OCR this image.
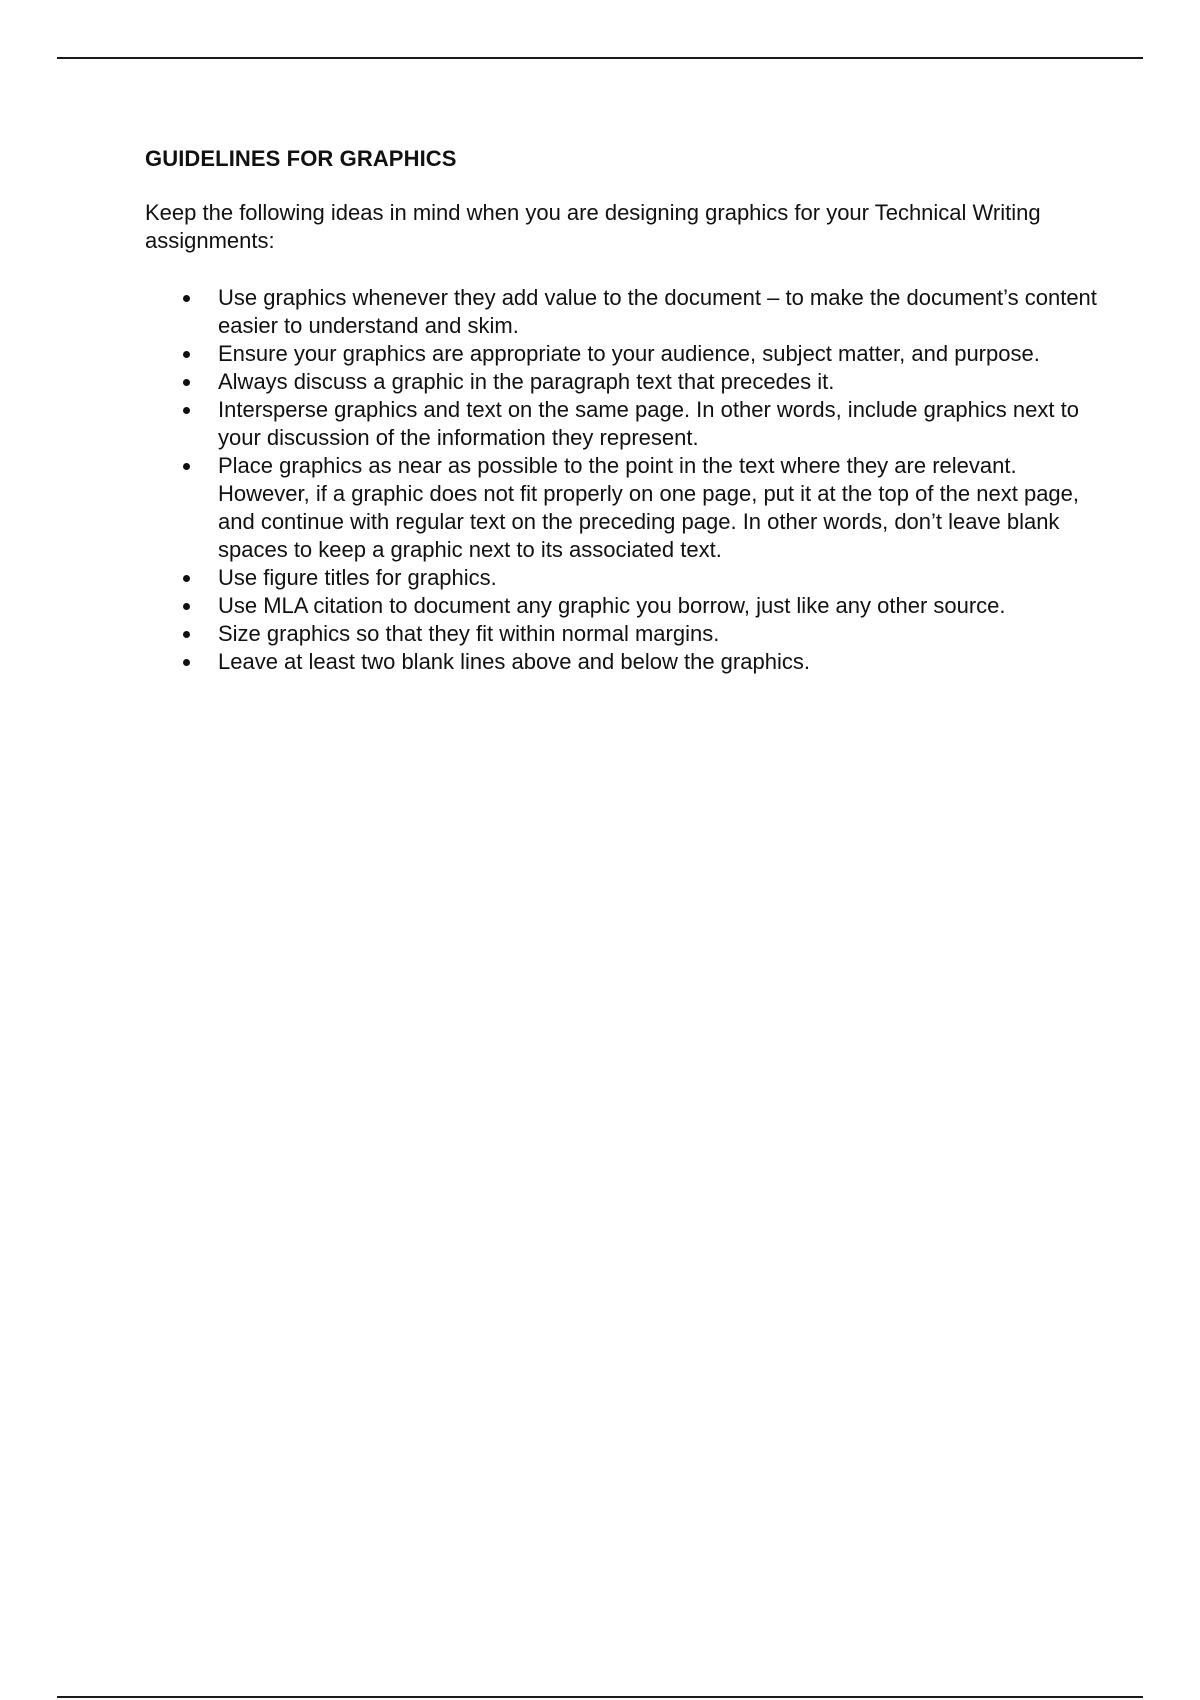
GUIDELINES FOR GRAPHICS

Keep the following ideas in mind when you are designing graphics for your Technical Writing assignments:

Use graphics whenever they add value to the document – to make the document’s content easier to understand and skim.
Ensure your graphics are appropriate to your audience, subject matter, and purpose.
Always discuss a graphic in the paragraph text that precedes it.
Intersperse graphics and text on the same page. In other words, include graphics next to your discussion of the information they represent.
Place graphics as near as possible to the point in the text where they are relevant. However, if a graphic does not fit properly on one page, put it at the top of the next page, and continue with regular text on the preceding page. In other words, don’t leave blank spaces to keep a graphic next to its associated text.
Use figure titles for graphics.
Use MLA citation to document any graphic you borrow, just like any other source.
Size graphics so that they fit within normal margins.
Leave at least two blank lines above and below the graphics.
